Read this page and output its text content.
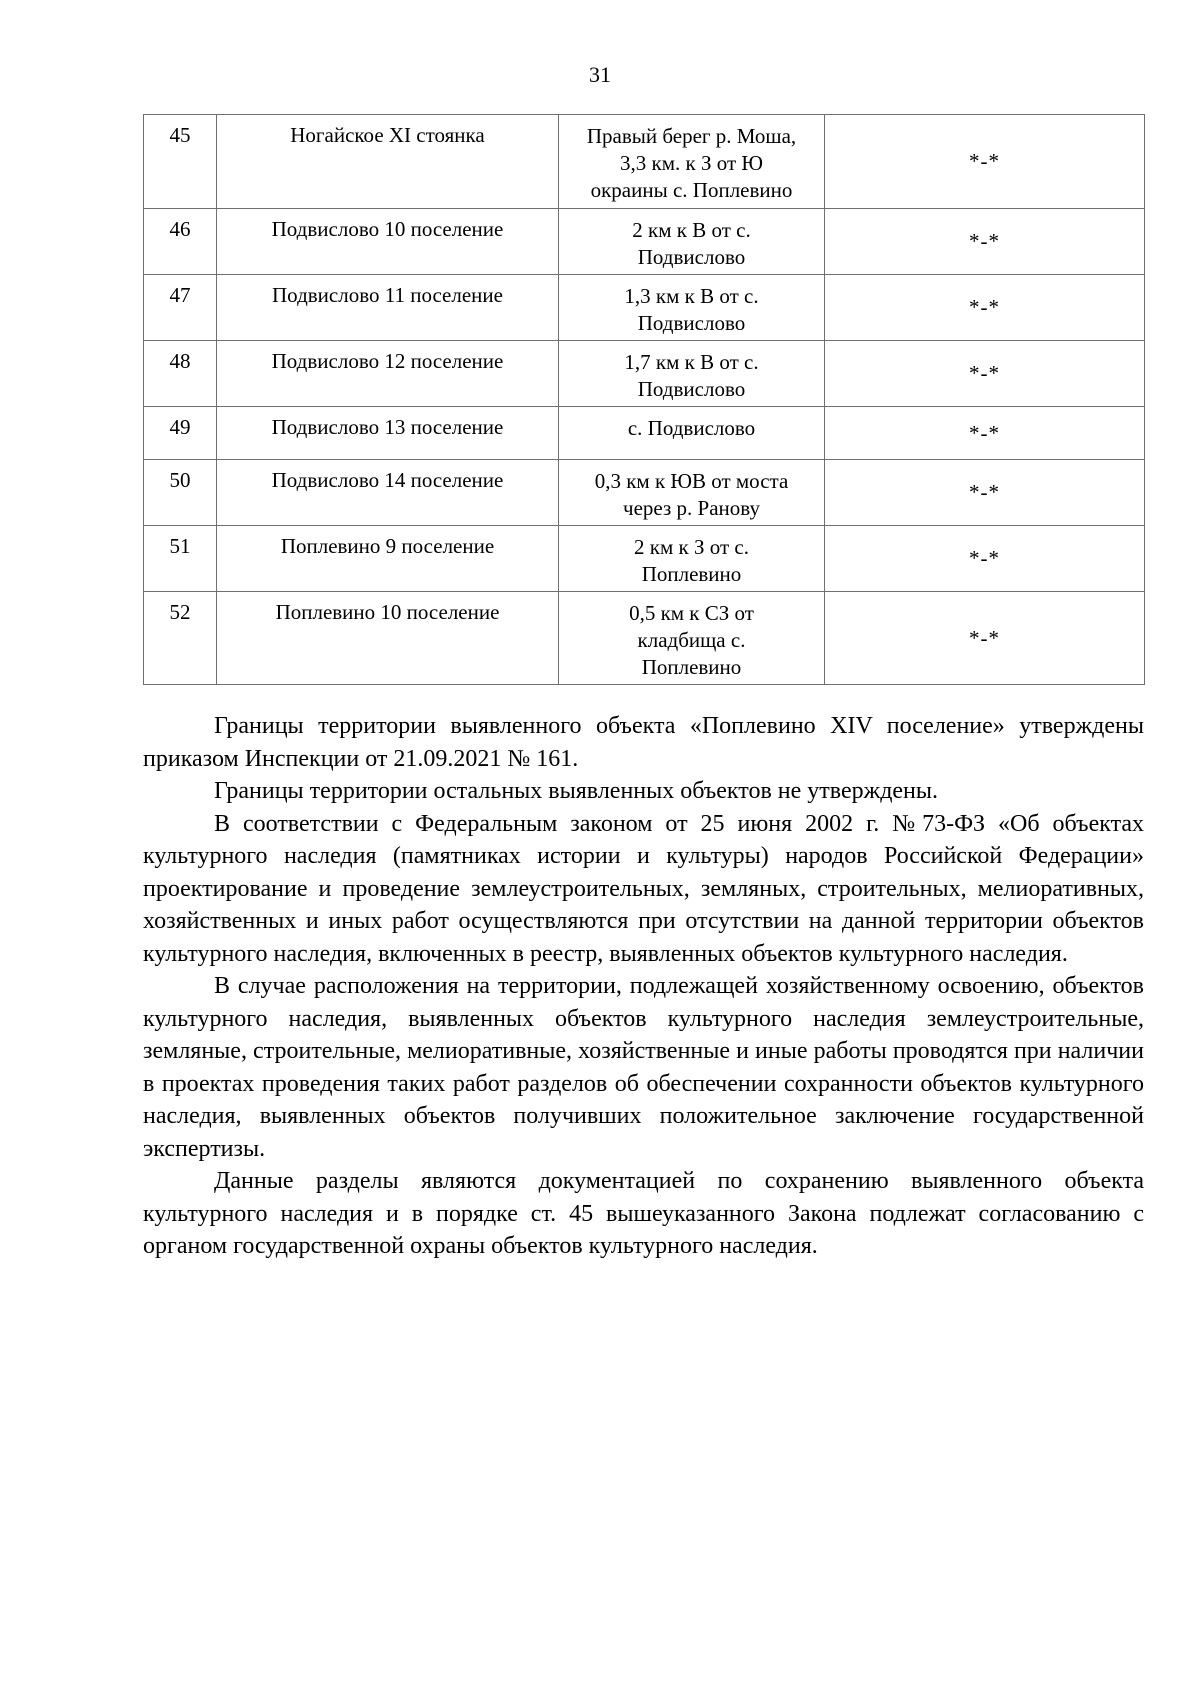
31
45	Ногайское XI стоянка	Правый берег р. Моша,
3,3 км. к З от Ю
окраины с. Поплевино	*-*
46	Подвислово 10 поселение	2 км к В от с.
Подвислово	*-*
47	Подвислово 11 поселение	1,3 км к В от с.
Подвислово	*-*
48	Подвислово 12 поселение	1,7 км к В от с.
Подвислово	*-*
49	Подвислово 13 поселение	с. Подвислово	*-*
50	Подвислово 14 поселение	0,3 км к ЮВ от моста
через р. Ранову	*-*
51	Поплевино 9 поселение	2 км к З от с.
Поплевино	*-*
52	Поплевино 10 поселение	0,5 км к СЗ от
кладбища с.
Поплевино	*-*

Границы территории выявленного объекта «Поплевино XIV поселение» утверждены приказом Инспекции от 21.09.2021 № 161.

Границы территории остальных выявленных объектов не утверждены.

В соответствии с Федеральным законом от 25 июня 2002 г. №73-ФЗ «Об объектах культурного наследия (памятниках истории и культуры) народов Российской Федерации» проектирование и проведение землеустроительных, земляных, строительных, мелиоративных, хозяйственных и иных работ осуществляются при отсутствии на данной территории объектов культурного наследия, включенных в реестр, выявленных объектов культурного наследия.

В случае расположения на территории, подлежащей хозяйственному освоению, объектов культурного наследия, выявленных объектов культурного наследия землеустроительные, земляные, строительные, мелиоративные, хозяйственные и иные работы проводятся при наличии в проектах проведения таких работ разделов об обеспечении сохранности объектов культурного наследия, выявленных объектов получивших положительное заключение государственной экспертизы.

Данные разделы являются документацией по сохранению выявленного объекта культурного наследия и в порядке ст. 45 вышеуказанного Закона подлежат согласованию с органом государственной охраны объектов культурного наследия.
